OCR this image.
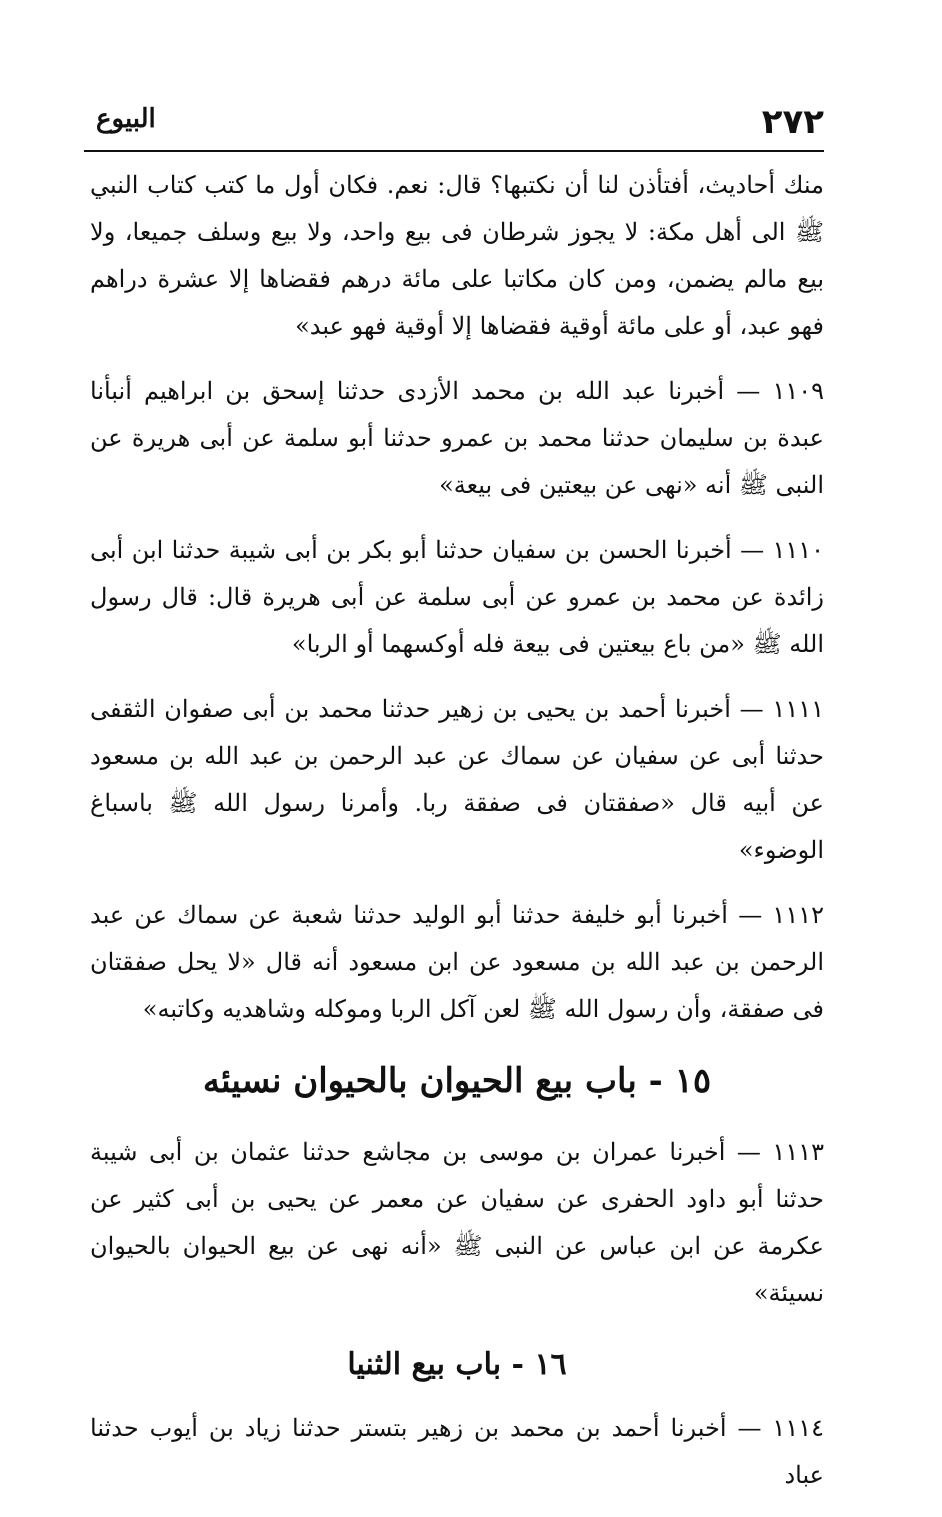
٢٧٢
البيوع

منك أحاديث، أفتأذن لنا أن نكتبها؟ قال: نعم. فكان أول ما كتب كتاب النبي ﷺ الى أهل مكة: لا يجوز شرطان فى بيع واحد، ولا بيع وسلف جميعا، ولا بيع مالم يضمن، ومن كان مكاتبا على مائة درهم فقضاها إلا عشرة دراهم فهو عبد، أو على مائة أوقية فقضاها إلا أوقية فهو عبد»

١١٠٩ — أخبرنا عبد الله بن محمد الأزدى حدثنا إسحق بن ابراهيم أنبأنا عبدة بن سليمان حدثنا محمد بن عمرو حدثنا أبو سلمة عن أبى هريرة عن النبى ﷺ أنه «نهى عن بيعتين فى بيعة»

١١١٠ — أخبرنا الحسن بن سفيان حدثنا أبو بكر بن أبى شيبة حدثنا ابن أبى زائدة عن محمد بن عمرو عن أبى سلمة عن أبى هريرة قال: قال رسول الله ﷺ «من باع بيعتين فى بيعة فله أوكسهما أو الربا»

١١١١ — أخبرنا أحمد بن يحيى بن زهير حدثنا محمد بن أبى صفوان الثقفى حدثنا أبى عن سفيان عن سماك عن عبد الرحمن بن عبد الله بن مسعود عن أبيه قال «صفقتان فى صفقة ربا. وأمرنا رسول الله ﷺ باسباغ الوضوء»

١١١٢ — أخبرنا أبو خليفة حدثنا أبو الوليد حدثنا شعبة عن سماك عن عبد الرحمن بن عبد الله بن مسعود عن ابن مسعود أنه قال «لا يحل صفقتان فى صفقة، وأن رسول الله ﷺ لعن آكل الربا وموكله وشاهديه وكاتبه»

١٥ - باب بيع الحيوان بالحيوان نسيئه

١١١٣ — أخبرنا عمران بن موسى بن مجاشع حدثنا عثمان بن أبى شيبة حدثنا أبو داود الحفرى عن سفيان عن معمر عن يحيى بن أبى كثير عن عكرمة عن ابن عباس عن النبى ﷺ «أنه نهى عن بيع الحيوان بالحيوان نسيئة»

١٦ - باب بيع الثنيا

١١١٤ — أخبرنا أحمد بن محمد بن زهير بتستر حدثنا زياد بن أيوب حدثنا عباد
